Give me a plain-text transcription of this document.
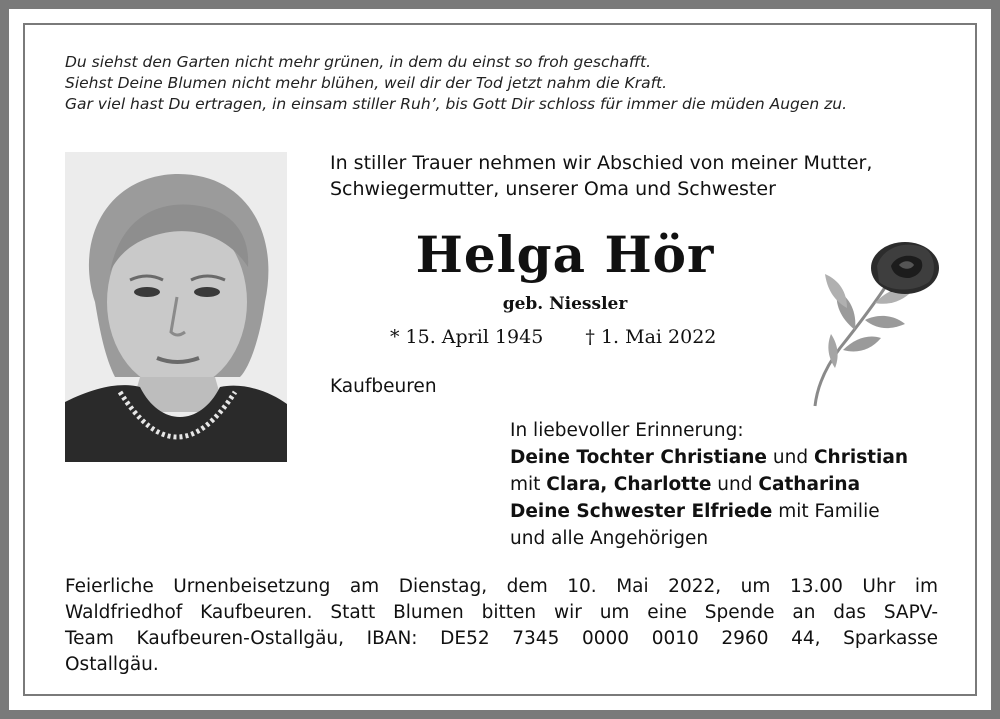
Du siehst den Garten nicht mehr grünen, in dem du einst so froh geschafft.
Siehst Deine Blumen nicht mehr blühen, weil dir der Tod jetzt nahm die Kraft.
Gar viel hast Du ertragen, in einsam stiller Ruh’, bis Gott Dir schloss für immer die müden Augen zu.
In stiller Trauer nehmen wir Abschied von meiner Mutter,
Schwiegermutter, unserer Oma und Schwester
Helga Hör
geb. Niessler
* 15. April 1945 † 1. Mai 2022
Kaufbeuren
In liebevoller Erinnerung:
Deine Tochter Christiane und Christian
mit Clara, Charlotte und Catharina
Deine Schwester Elfriede mit Familie
und alle Angehörigen
Feierliche Urnenbeisetzung am Dienstag, dem 10. Mai 2022, um 13.00 Uhr im
Waldfriedhof Kaufbeuren. Statt Blumen bitten wir um eine Spende an das SAPV-
Team Kaufbeuren-Ostallgäu, IBAN: DE52 7345 0000 0010 2960 44, Sparkasse
Ostallgäu.
